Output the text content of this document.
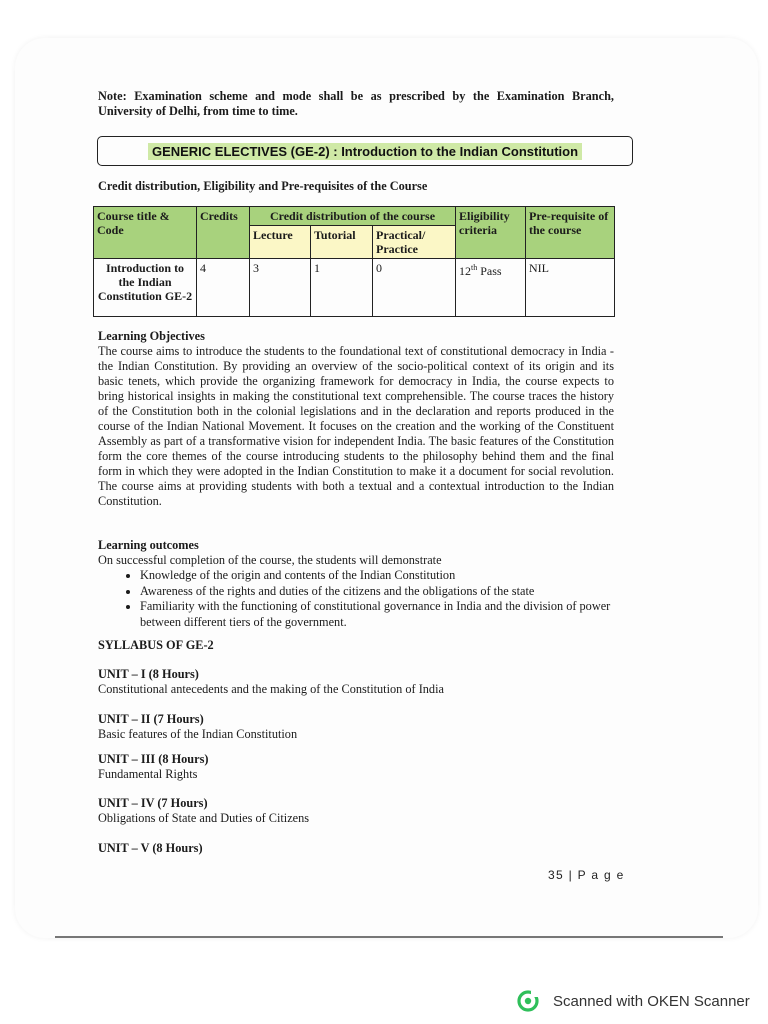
Note: Examination scheme and mode shall be as prescribed by the Examination Branch, University of Delhi, from time to time.
GENERIC ELECTIVES (GE-2) : Introduction to the Indian Constitution
Credit distribution, Eligibility and Pre-requisites of the Course
Course title & Code	Credits	Credit distribution of the course			Eligibility criteria	Pre-requisite of the course
		Lecture	Tutorial	Practical/ Practice		
Introduction to the Indian Constitution GE-2	4	3	1	0	12th Pass	NIL
Learning Objectives
The course aims to introduce the students to the foundational text of constitutional democracy in India - the Indian Constitution. By providing an overview of the socio-political context of its origin and its basic tenets, which provide the organizing framework for democracy in India, the course expects to bring historical insights in making the constitutional text comprehensible. The course traces the history of the Constitution both in the colonial legislations and in the declaration and reports produced in the course of the Indian National Movement. It focuses on the creation and the working of the Constituent Assembly as part of a transformative vision for independent India. The basic features of the Constitution form the core themes of the course introducing students to the philosophy behind them and the final form in which they were adopted in the Indian Constitution to make it a document for social revolution. The course aims at providing students with both a textual and a contextual introduction to the Indian Constitution.
Learning outcomes
On successful completion of the course, the students will demonstrate
• Knowledge of the origin and contents of the Indian Constitution
• Awareness of the rights and duties of the citizens and the obligations of the state
• Familiarity with the functioning of constitutional governance in India and the division of power between different tiers of the government.
SYLLABUS OF GE-2
UNIT – I (8 Hours)
Constitutional antecedents and the making of the Constitution of India
UNIT – II (7 Hours)
Basic features of the Indian Constitution
UNIT – III (8 Hours)
Fundamental Rights
UNIT – IV (7 Hours)
Obligations of State and Duties of Citizens
UNIT – V (8 Hours)
35 | P a g e
Scanned with OKEN Scanner
